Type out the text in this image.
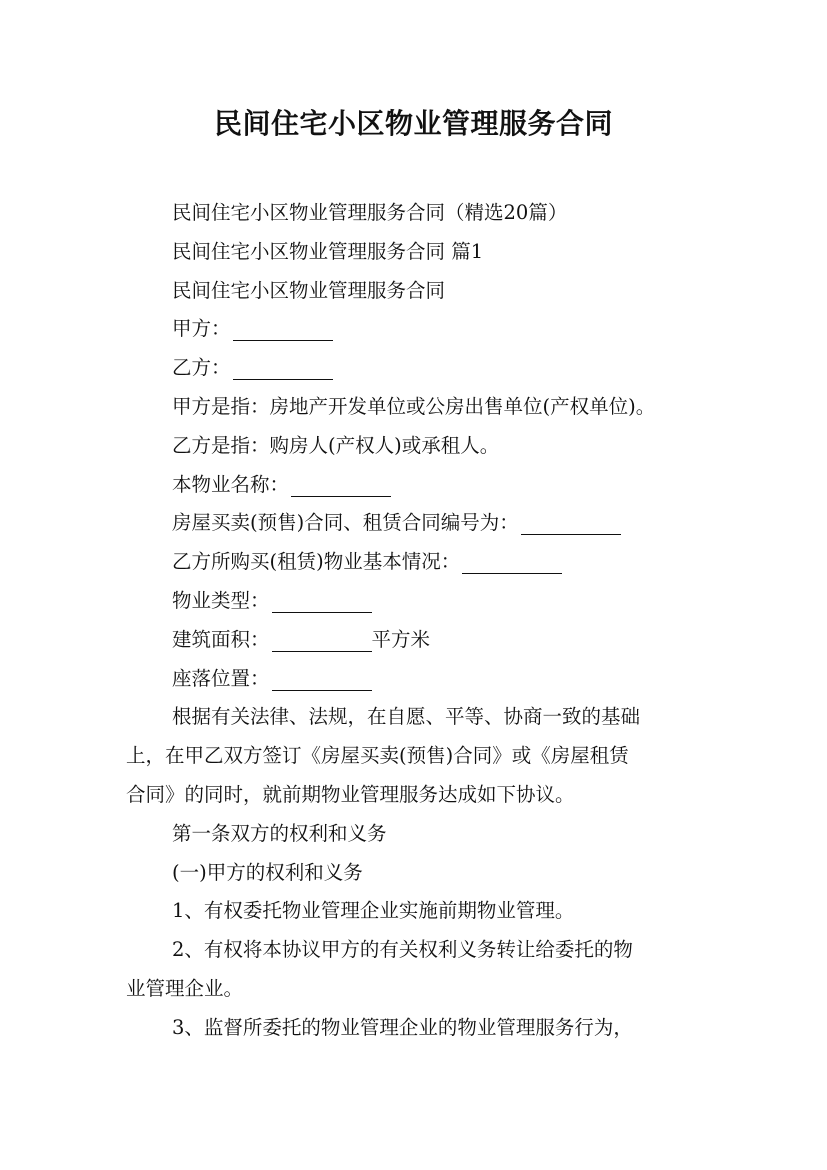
民间住宅小区物业管理服务合同
民间住宅小区物业管理服务合同（精选20篇）
民间住宅小区物业管理服务合同 篇1
民间住宅小区物业管理服务合同
甲方：
乙方：
甲方是指：房地产开发单位或公房出售单位(产权单位)。
乙方是指：购房人(产权人)或承租人。
本物业名称：
房屋买卖(预售)合同、租赁合同编号为：
乙方所购买(租赁)物业基本情况：
物业类型：
建筑面积：	平方米
座落位置：
根据有关法律、法规，在自愿、平等、协商一致的基础
上，在甲乙双方签订《房屋买卖(预售)合同》或《房屋租赁
合同》的同时，就前期物业管理服务达成如下协议。
第一条双方的权利和义务
(一)甲方的权利和义务
1、有权委托物业管理企业实施前期物业管理。
2、有权将本协议甲方的有关权利义务转让给委托的物
业管理企业。
3、监督所委托的物业管理企业的物业管理服务行为，
